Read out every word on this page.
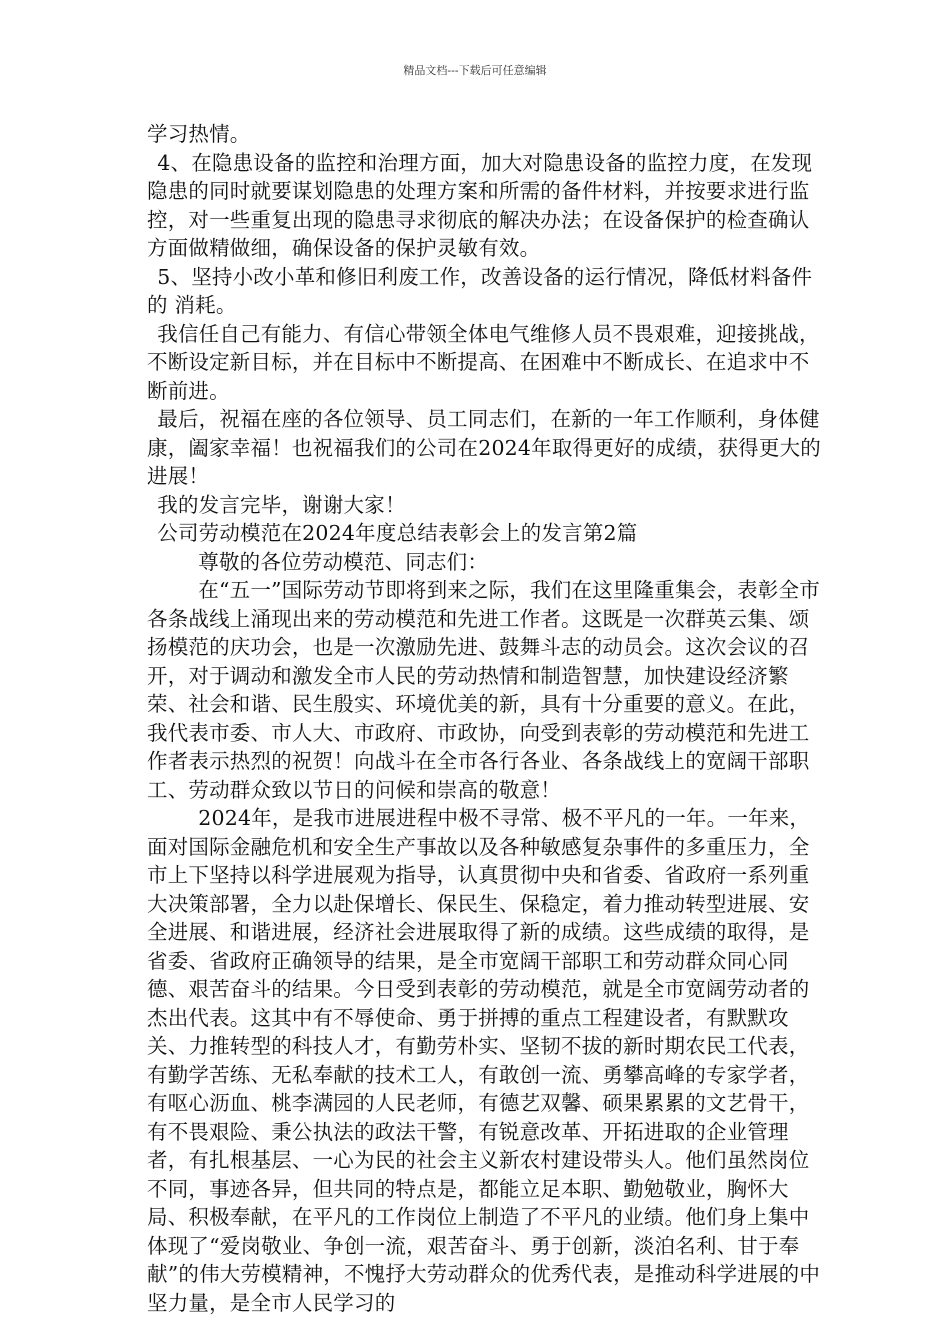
精品文档---下载后可任意编辑

学习热情。

4、在隐患设备的监控和治理方面，加大对隐患设备的监控力度，在发现隐患的同时就要谋划隐患的处理方案和所需的备件材料，并按要求进行监控，对一些重复出现的隐患寻求彻底的解决办法；在设备保护的检查确认方面做精做细，确保设备的保护灵敏有效。

5、坚持小改小革和修旧利废工作，改善设备的运行情况，降低材料备件的 消耗。

我信任自己有能力、有信心带领全体电气维修人员不畏艰难，迎接挑战，不断设定新目标，并在目标中不断提高、在困难中不断成长、在追求中不断前进。

最后，祝福在座的各位领导、员工同志们，在新的一年工作顺利，身体健康，阖家幸福！也祝福我们的公司在2024年取得更好的成绩，获得更大的进展！

我的发言完毕，谢谢大家！

公司劳动模范在2024年度总结表彰会上的发言第2篇

尊敬的各位劳动模范、同志们：

在“五一”国际劳动节即将到来之际，我们在这里隆重集会，表彰全市各条战线上涌现出来的劳动模范和先进工作者。这既是一次群英云集、颂扬模范的庆功会，也是一次激励先进、鼓舞斗志的动员会。这次会议的召开，对于调动和激发全市人民的劳动热情和制造智慧，加快建设经济繁荣、社会和谐、民生殷实、环境优美的新，具有十分重要的意义。在此，我代表市委、市人大、市政府、市政协，向受到表彰的劳动模范和先进工作者表示热烈的祝贺！向战斗在全市各行各业、各条战线上的宽阔干部职工、劳动群众致以节日的问候和崇高的敬意！

2024年，是我市进展进程中极不寻常、极不平凡的一年。一年来，面对国际金融危机和安全生产事故以及各种敏感复杂事件的多重压力，全市上下坚持以科学进展观为指导，认真贯彻中央和省委、省政府一系列重大决策部署，全力以赴保增长、保民生、保稳定，着力推动转型进展、安全进展、和谐进展，经济社会进展取得了新的成绩。这些成绩的取得，是省委、省政府正确领导的结果，是全市宽阔干部职工和劳动群众同心同德、艰苦奋斗的结果。今日受到表彰的劳动模范，就是全市宽阔劳动者的杰出代表。这其中有不辱使命、勇于拼搏的重点工程建设者，有默默攻关、力推转型的科技人才，有勤劳朴实、坚韧不拔的新时期农民工代表，有勤学苦练、无私奉献的技术工人，有敢创一流、勇攀高峰的专家学者，有呕心沥血、桃李满园的人民老师，有德艺双馨、硕果累累的文艺骨干，有不畏艰险、秉公执法的政法干警，有锐意改革、开拓进取的企业管理者，有扎根基层、一心为民的社会主义新农村建设带头人。他们虽然岗位不同，事迹各异，但共同的特点是，都能立足本职、勤勉敬业，胸怀大局、积极奉献，在平凡的工作岗位上制造了不平凡的业绩。他们身上集中体现了“爱岗敬业、争创一流，艰苦奋斗、勇于创新，淡泊名利、甘于奉献”的伟大劳模精神，不愧抒大劳动群众的优秀代表，是推动科学进展的中坚力量，是全市人民学习的
